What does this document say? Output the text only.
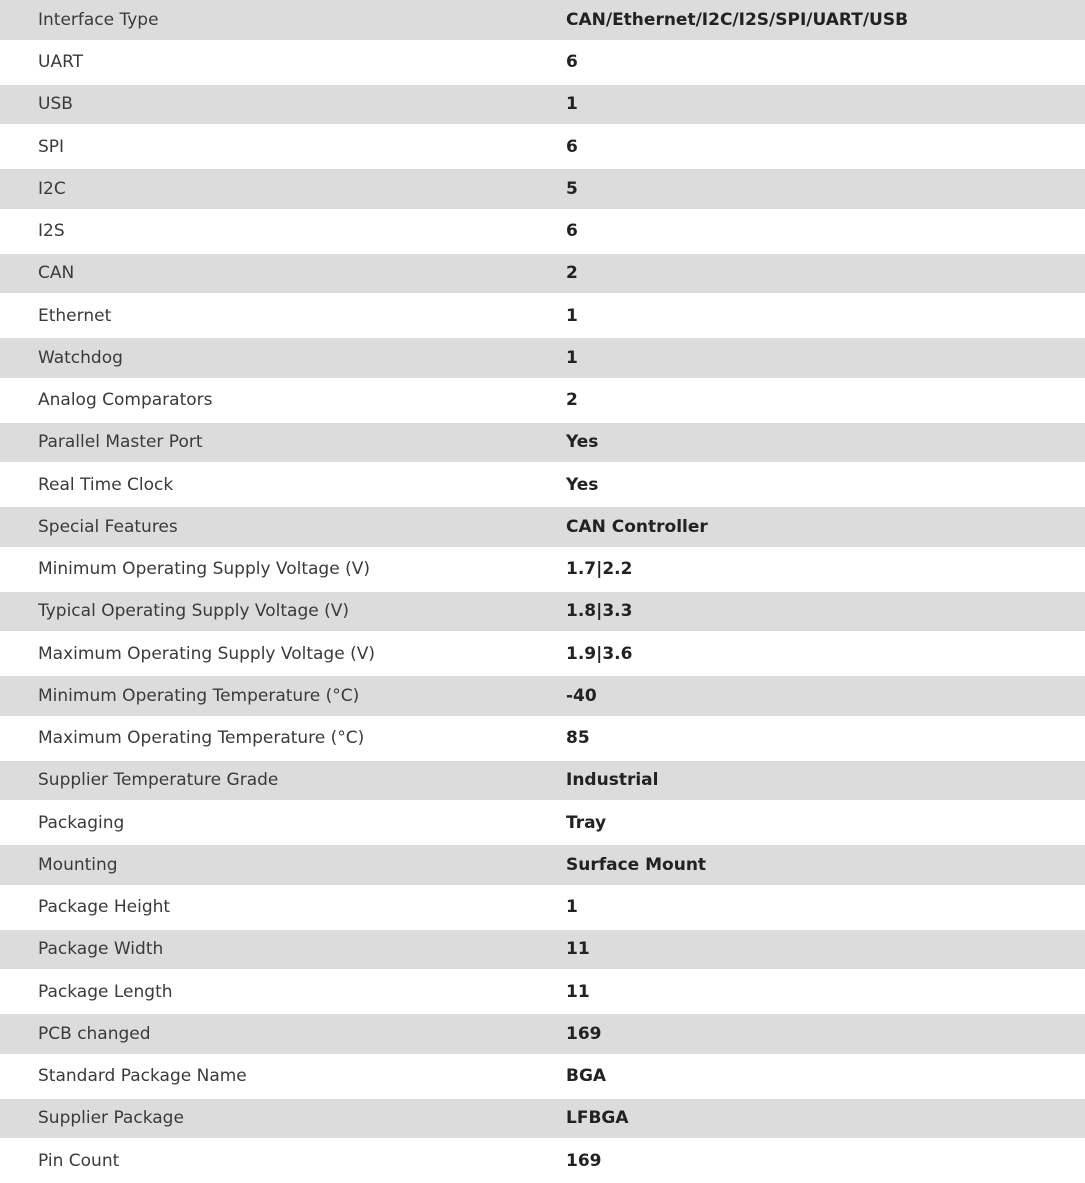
Interface Type	CAN/Ethernet/I2C/I2S/SPI/UART/USB
UART	6
USB	1
SPI	6
I2C	5
I2S	6
CAN	2
Ethernet	1
Watchdog	1
Analog Comparators	2
Parallel Master Port	Yes
Real Time Clock	Yes
Special Features	CAN Controller
Minimum Operating Supply Voltage (V)	1.7|2.2
Typical Operating Supply Voltage (V)	1.8|3.3
Maximum Operating Supply Voltage (V)	1.9|3.6
Minimum Operating Temperature (°C)	-40
Maximum Operating Temperature (°C)	85
Supplier Temperature Grade	Industrial
Packaging	Tray
Mounting	Surface Mount
Package Height	1
Package Width	11
Package Length	11
PCB changed	169
Standard Package Name	BGA
Supplier Package	LFBGA
Pin Count	169
